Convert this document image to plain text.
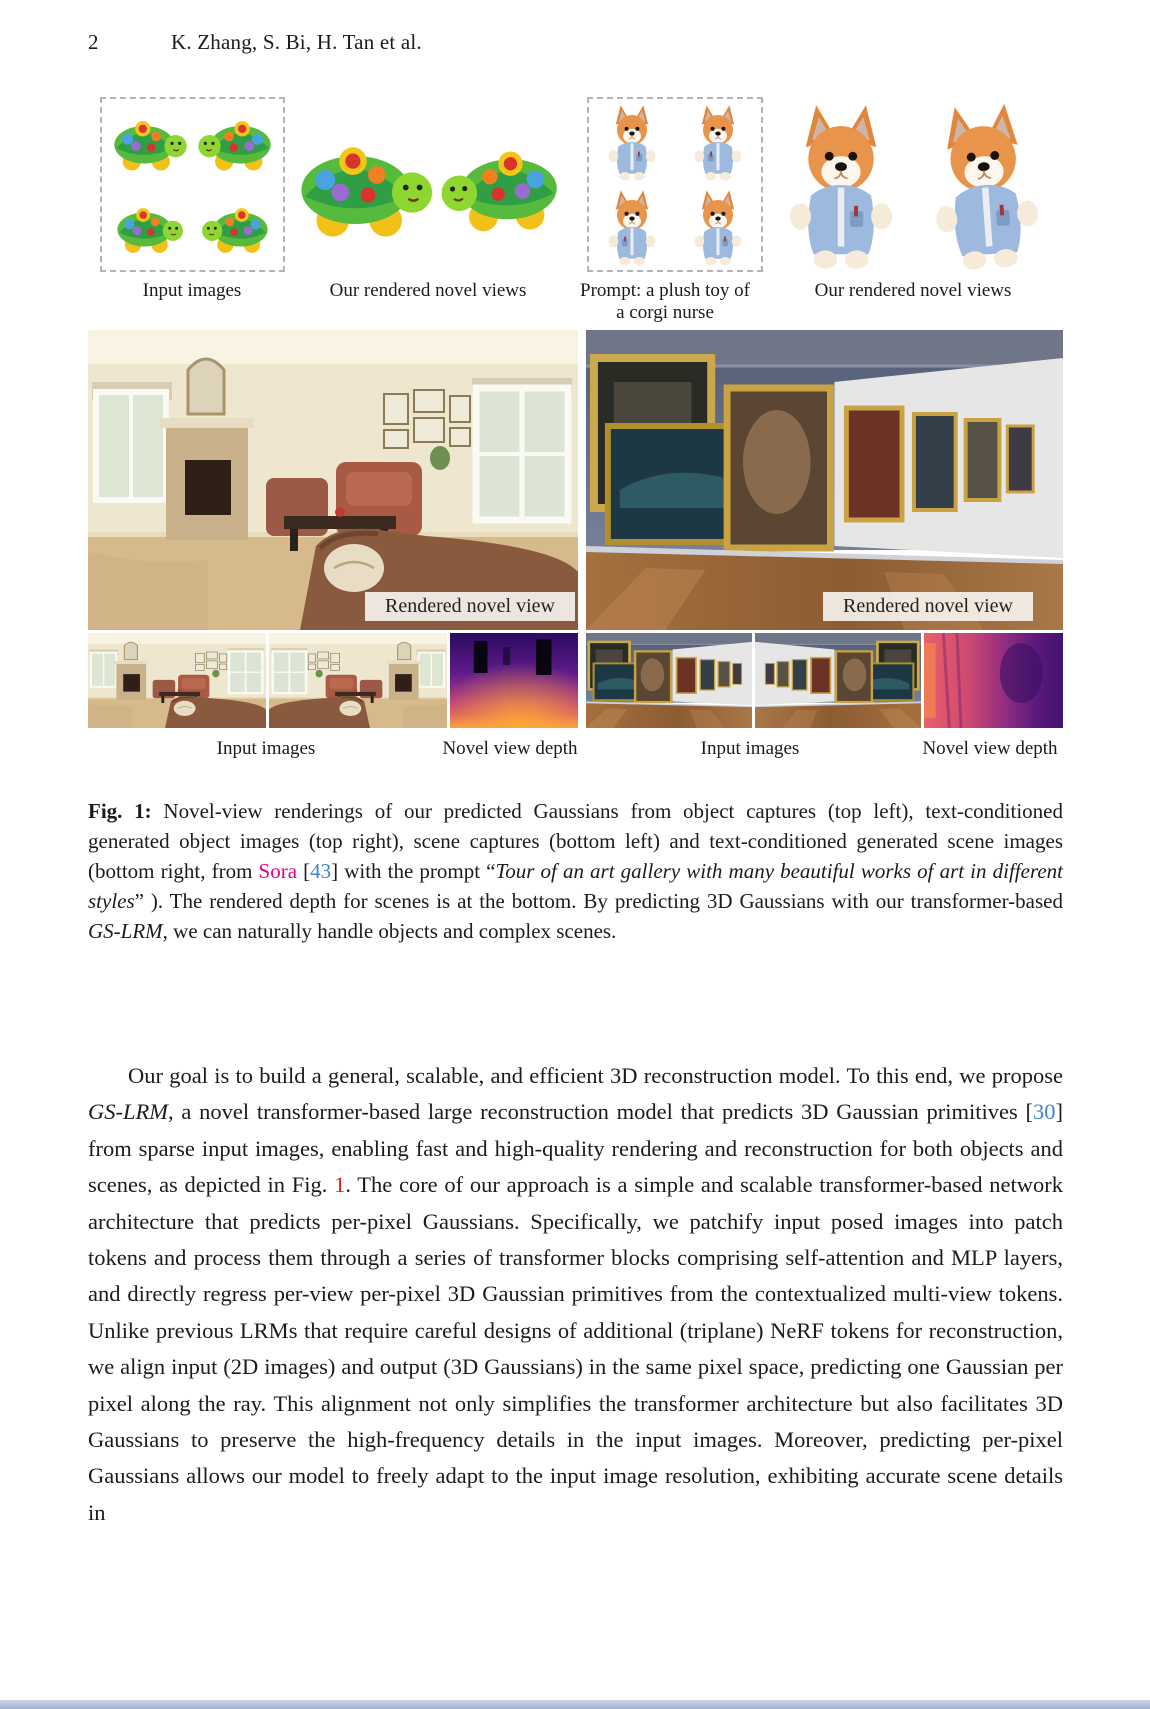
2	K. Zhang, S. Bi, H. Tan et al.
Input images	Our rendered novel views	Prompt: a plush toy of
a corgi nurse
Our rendered novel views
Rendered novel view	Rendered novel view
Input images	Novel view depth	Input images	Novel view depth
Fig. 1: Novel-view renderings of our predicted Gaussians from object captures (top left), text-conditioned generated object images (top right), scene captures (bottom left) and text-conditioned generated scene images (bottom right, from Sora [43] with the prompt “Tour of an art gallery with many beautiful works of art in different styles” ). The rendered depth for scenes is at the bottom. By predicting 3D Gaussians with our transformer-based GS-LRM, we can naturally handle objects and complex scenes.

Our goal is to build a general, scalable, and efficient 3D reconstruction model. To this end, we propose GS-LRM, a novel transformer-based large reconstruction model that predicts 3D Gaussian primitives [30] from sparse input images, enabling fast and high-quality rendering and reconstruction for both objects and scenes, as depicted in Fig. 1. The core of our approach is a simple and scalable transformer-based network architecture that predicts per-pixel Gaussians. Specifically, we patchify input posed images into patch tokens and process them through a series of transformer blocks comprising self-attention and MLP layers, and directly regress per-view per-pixel 3D Gaussian primitives from the contextualized multi-view tokens. Unlike previous LRMs that require careful designs of additional (triplane) NeRF tokens for reconstruction, we align input (2D images) and output (3D Gaussians) in the same pixel space, predicting one Gaussian per pixel along the ray. This alignment not only simplifies the transformer architecture but also facilitates 3D Gaussians to preserve the high-frequency details in the input images. Moreover, predicting per-pixel Gaussians allows our model to freely adapt to the input image resolution, exhibiting accurate scene details in
